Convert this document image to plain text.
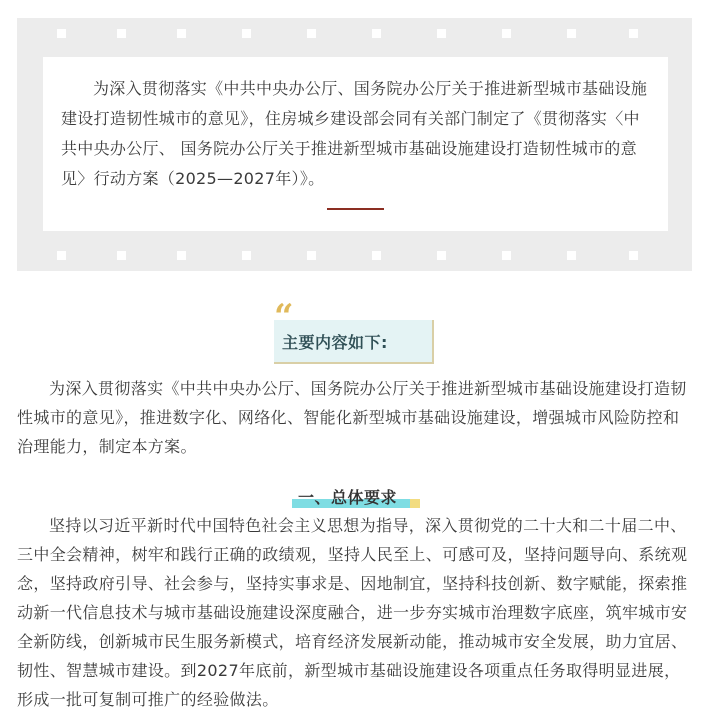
为深入贯彻落实《中共中央办公厅、国务院办公厅关于推进新型城市基础设施建设打造韧性城市的意见》，住房城乡建设部会同有关部门制定了《贯彻落实〈中共中央办公厅、 国务院办公厅关于推进新型城市基础设施建设打造韧性城市的意见〉行动方案（2025—2027年）》。

主要内容如下:
“

为深入贯彻落实《中共中央办公厅、国务院办公厅关于推进新型城市基础设施建设打造韧性城市的意见》，推进数字化、网络化、智能化新型城市基础设施建设，增强城市风险防控和治理能力，制定本方案。

一、总体要求

坚持以习近平新时代中国特色社会主义思想为指导，深入贯彻党的二十大和二十届二中、三中全会精神，树牢和践行正确的政绩观，坚持人民至上、可感可及，坚持问题导向、系统观念，坚持政府引导、社会参与，坚持实事求是、因地制宜，坚持科技创新、数字赋能，探索推动新一代信息技术与城市基础设施建设深度融合，进一步夯实城市治理数字底座，筑牢城市安全新防线，创新城市民生服务新模式，培育经济发展新动能，推动城市安全发展，助力宜居、韧性、智慧城市建设。到2027年底前，新型城市基础设施建设各项重点任务取得明显进展，形成一批可复制可推广的经验做法。
